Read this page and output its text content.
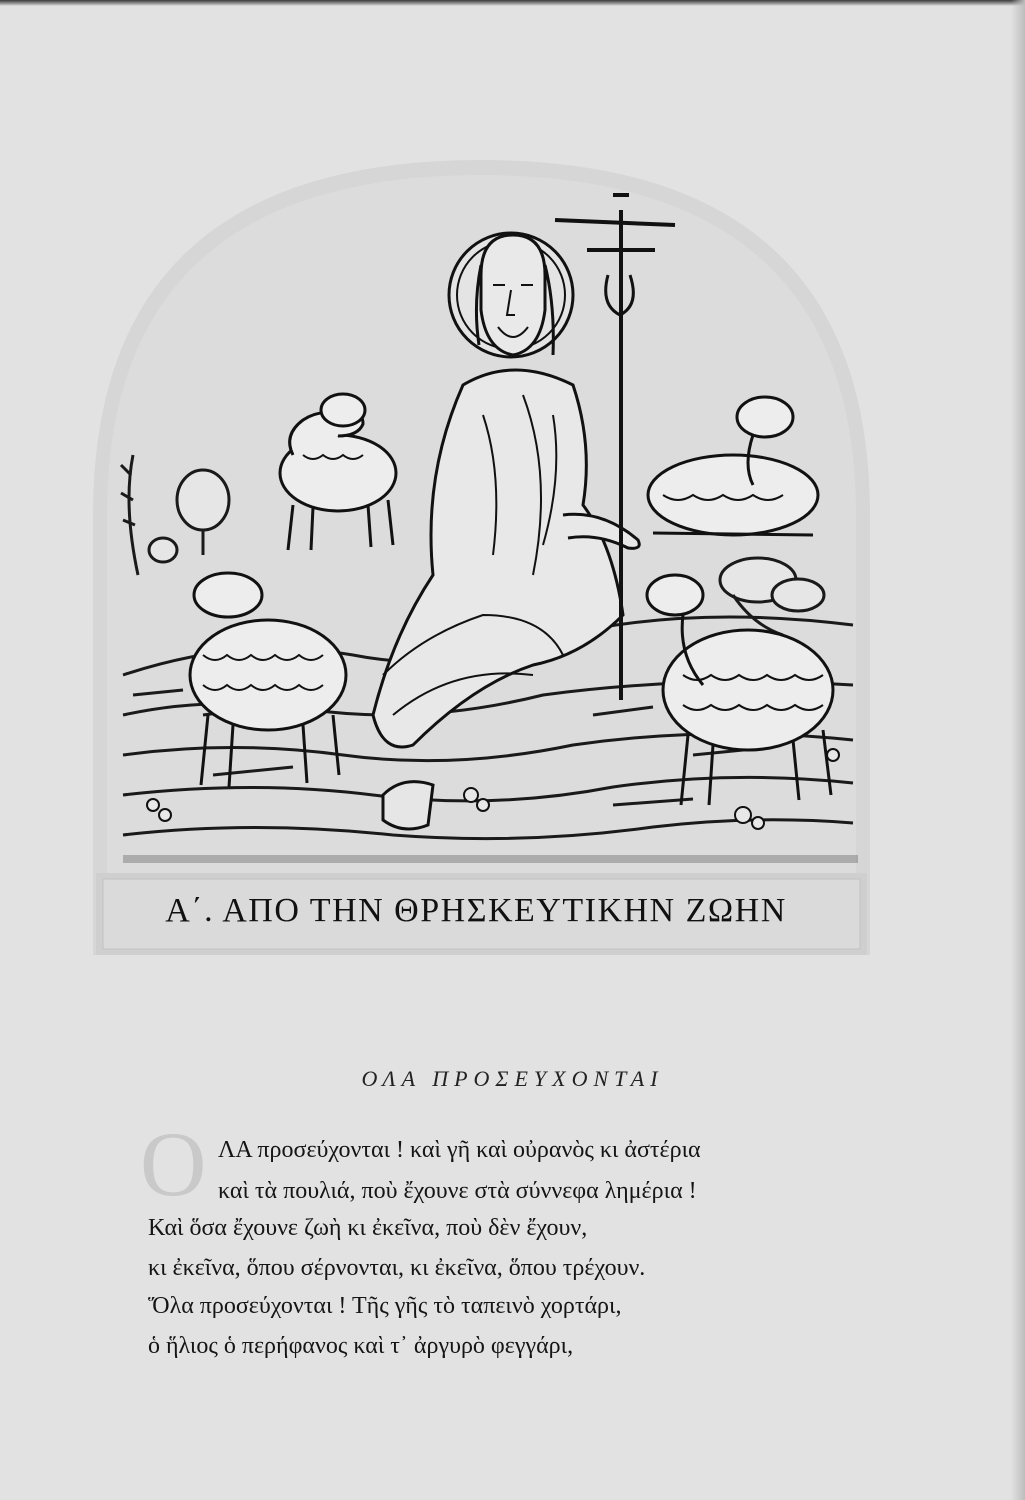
Α΄. ΑΠΟ ΤΗΝ ΘΡΗΣΚΕΥΤΙΚΗΝ ΖΩΗΝ
ΟΛΑ ΠΡΟΣΕΥΧΟΝΤΑΙ
Ο ΛΑ προσεύχονται ! καὶ γῆ καὶ οὐρανὸς κι ἀστέρια
καὶ τὰ πουλιά, ποὺ ἔχουνε στὰ σύννεφα λημέρια !
Καὶ ὅσα ἔχουνε ζωὴ κι ἐκεῖνα, ποὺ δὲν ἔχουν,
κι ἐκεῖνα, ὅπου σέρνονται, κι ἐκεῖνα, ὅπου τρέχουν.
Ὅλα προσεύχονται ! Τῆς γῆς τὸ ταπεινὸ χορτάρι,
ὁ ἥλιος ὁ περήφανος καὶ τ᾽ ἀργυρὸ φεγγάρι,
